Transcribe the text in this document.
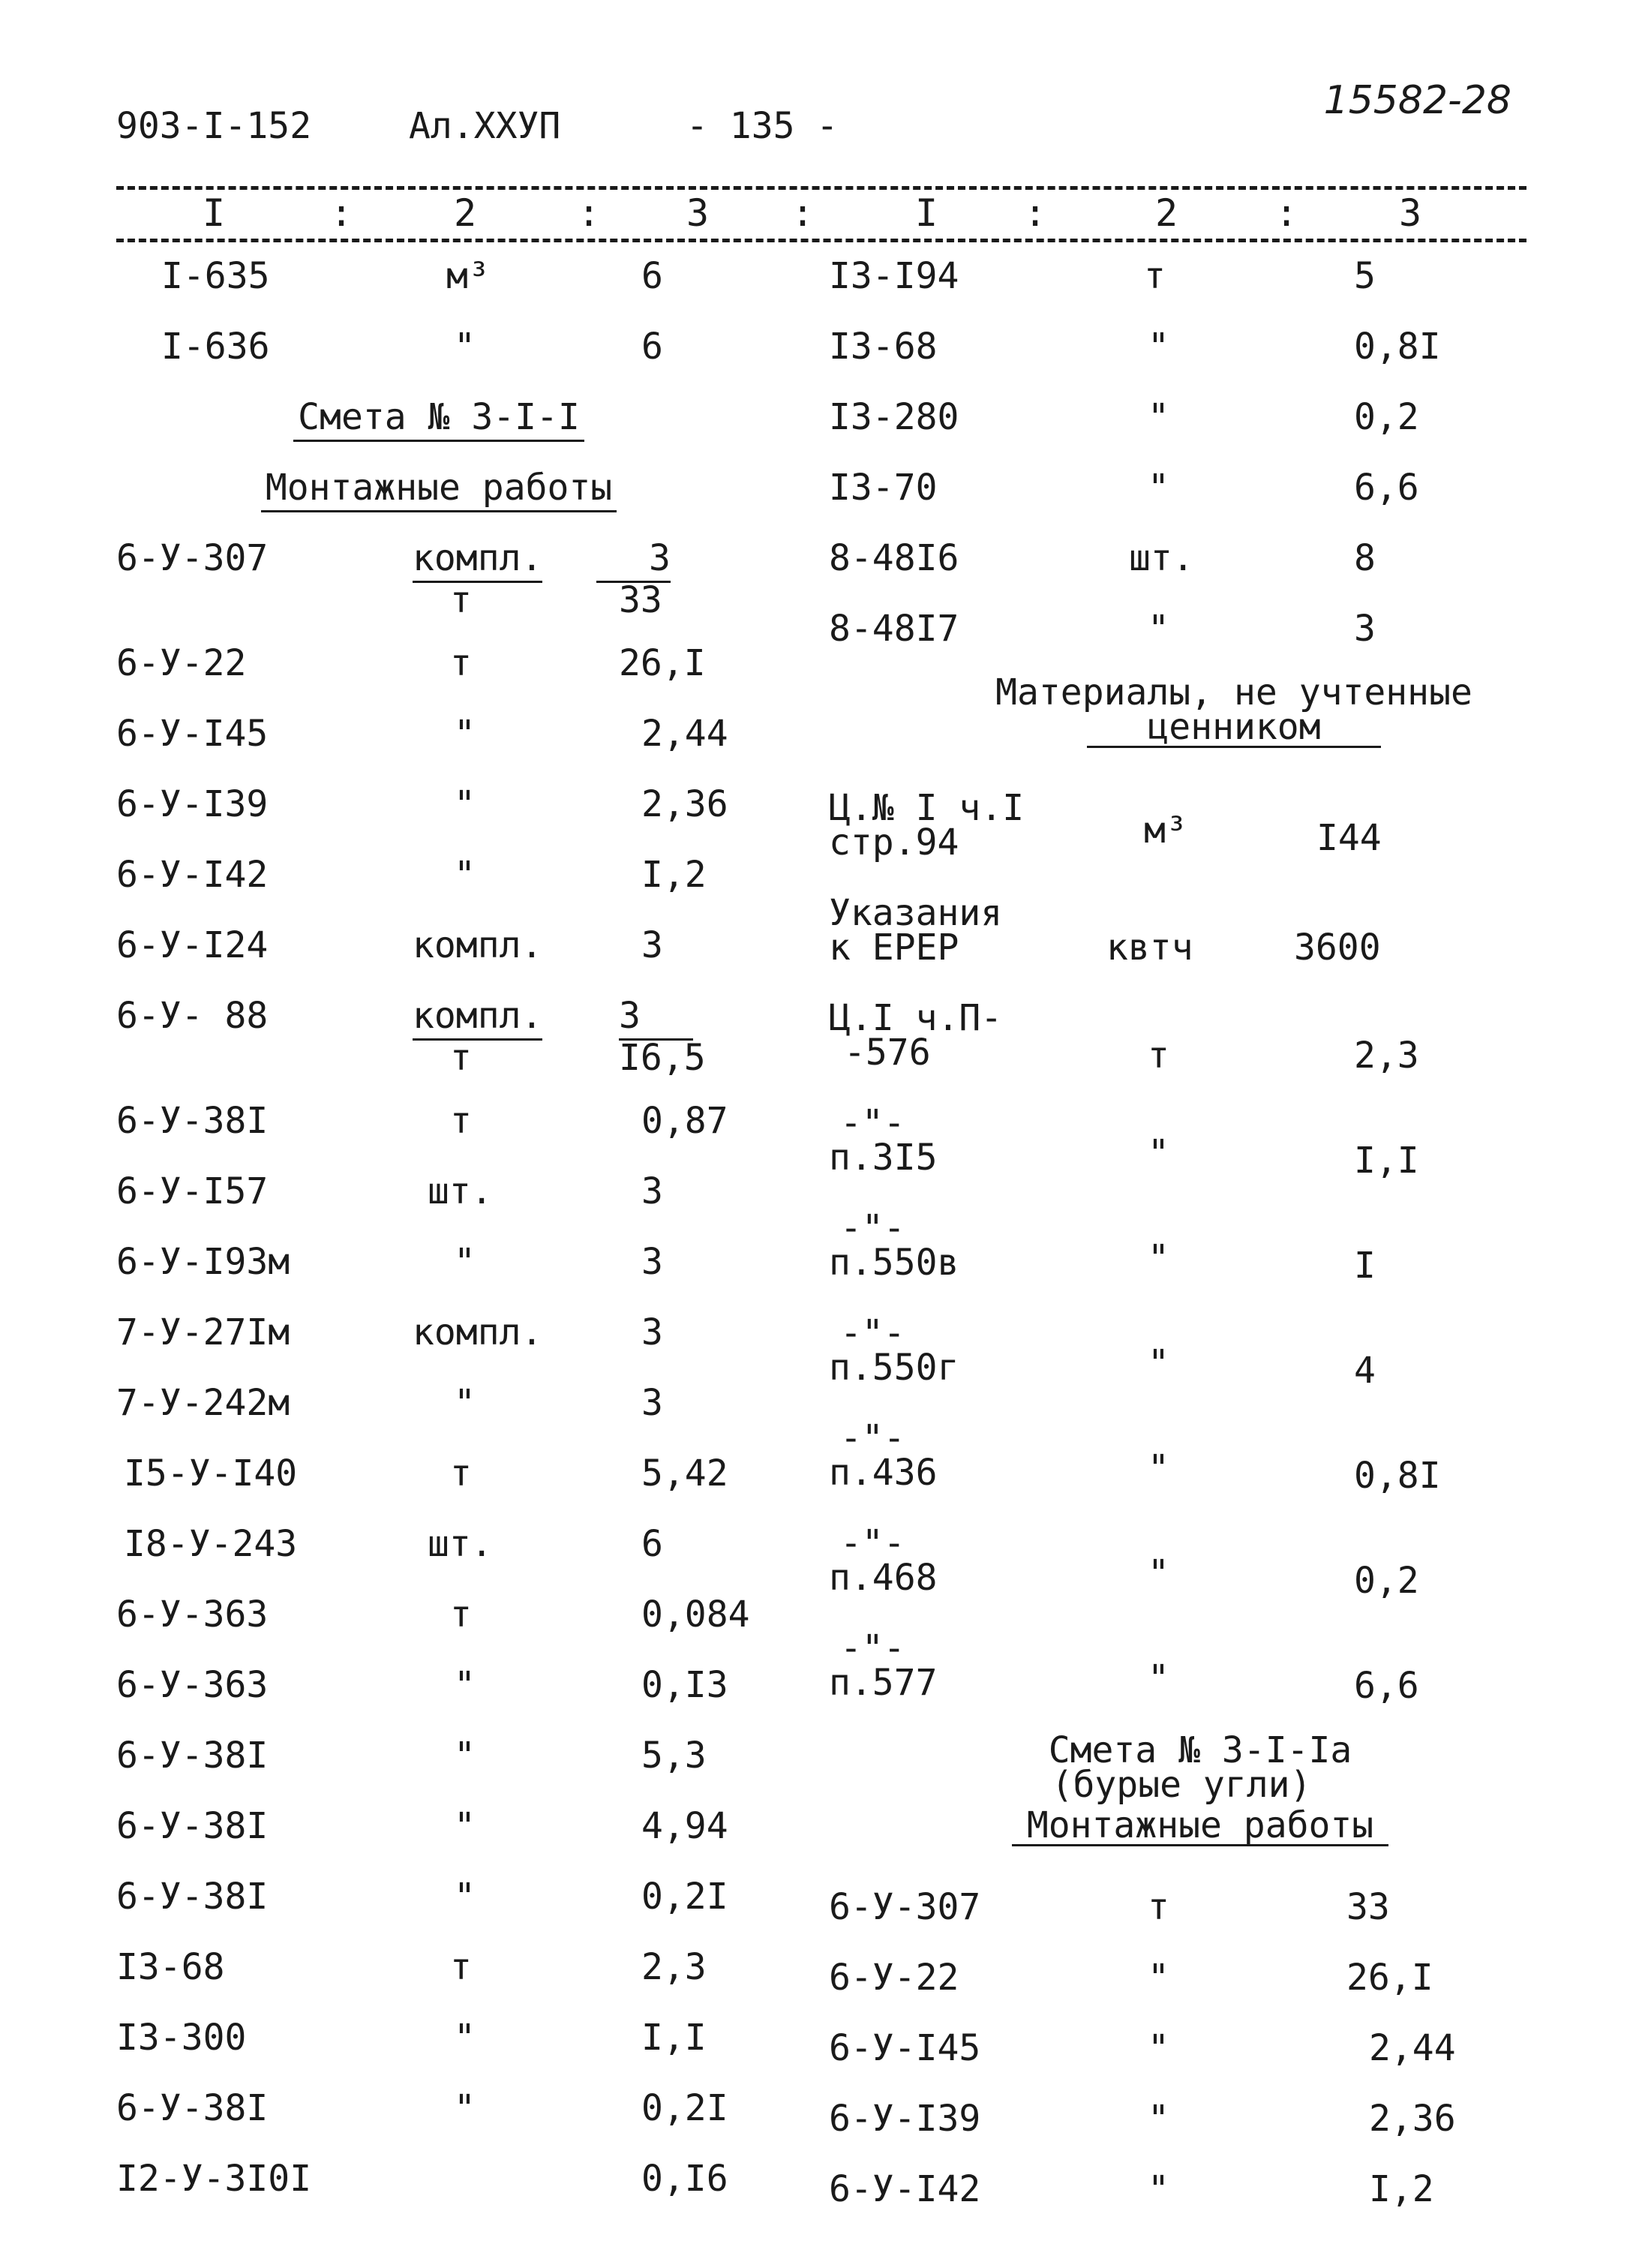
903-I-152	Ал.XXУП	- 135 -
15582-28
I	:	2	:	3	:	I	:	2	:	3
I-635	м³	6
I-636	"	6
Смета № 3-I-I
Монтажные работы
6-У-307	компл.	3
т	33
6-У-22	т	26,I
6-У-I45	"	2,44
6-У-I39	"	2,36
6-У-I42	"	I,2
6-У-I24	компл.	3
6-У- 88	компл. 3
т	I6,5
6-У-38I	т	0,87
6-У-I57	шт.	3
6-У-I93м	"	3
7-У-27Iм	компл.	3
7-У-242м	"	3
I5-У-I40	т	5,42
I8-У-243	шт.	6
6-У-363	т	0,084
6-У-363	"	0,I3
6-У-38I	"	5,3
6-У-38I	"	4,94
6-У-38I	"	0,2I
I3-68	т	2,3
I3-300	"	I,I
6-У-38I	"	0,2I
I2-У-3I0I	0,I6
I3-I94	т	5
I3-68	"	0,8I
I3-280	"	0,2
I3-70	"	6,6
8-48I6	шт.	8
8-48I7	"	3
Материалы, не учтенные
ценником
Ц.№ I ч.I
стр.94	м³	I44
Указания
к ЕРЕР	квтч	3600
Ц.I ч.П-
-576	т	2,3
-"-
п.3I5	"	I,I
-"-
п.550в	"	I
-"-
п.550г	"	4
-"-
п.436	"	0,8I
-"-
п.468	"	0,2
-"-
п.577	"	6,6
Смета № 3-I-Iа
(бурые угли)
Монтажные работы
6-У-307	т	33
6-У-22	"	26,I
6-У-I45	"	2,44
6-У-I39	"	2,36
6-У-I42	"	I,2
